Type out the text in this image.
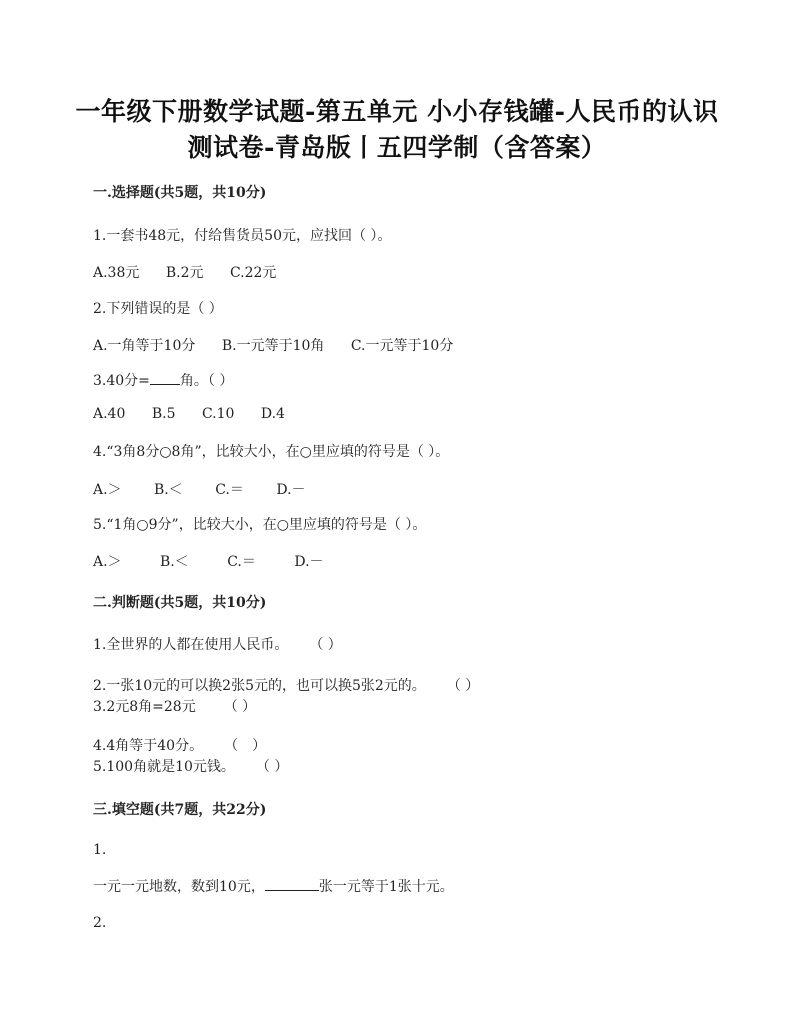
一年级下册数学试题-第五单元 小小存钱罐-人民币的认识
测试卷-青岛版丨五四学制（含答案）
一.选择题(共5题，共10分)
1.一套书48元，付给售货员50元，应找回（ ）。
A.38元 B.2元 C.22元
2.下列错误的是（ ）
A.一角等于10分 B.一元等于10角 C.一元等于10分
3.40分= 角。（ ）
A.40 B.5 C.10 D.4
4.“3角8分○8角”，比较大小，在○里应填的符号是（ ）。
A.＞ B.＜ C.＝ D.－
5.“1角○9分”，比较大小，在○里应填的符号是（ ）。
A.＞	B.＜	C.＝	D.－
二.判断题(共5题，共10分)
1.全世界的人都在使用人民币。 （ ）
2.一张10元的可以换2张5元的，也可以换5张2元的。 （ ）
3.2元8角=28元 （ ）
4.4角等于40分。 （　）
5.100角就是10元钱。 （ ）
三.填空题(共7题，共22分)
1.
一元一元地数，数到10元，	张一元等于1张十元。
2.
